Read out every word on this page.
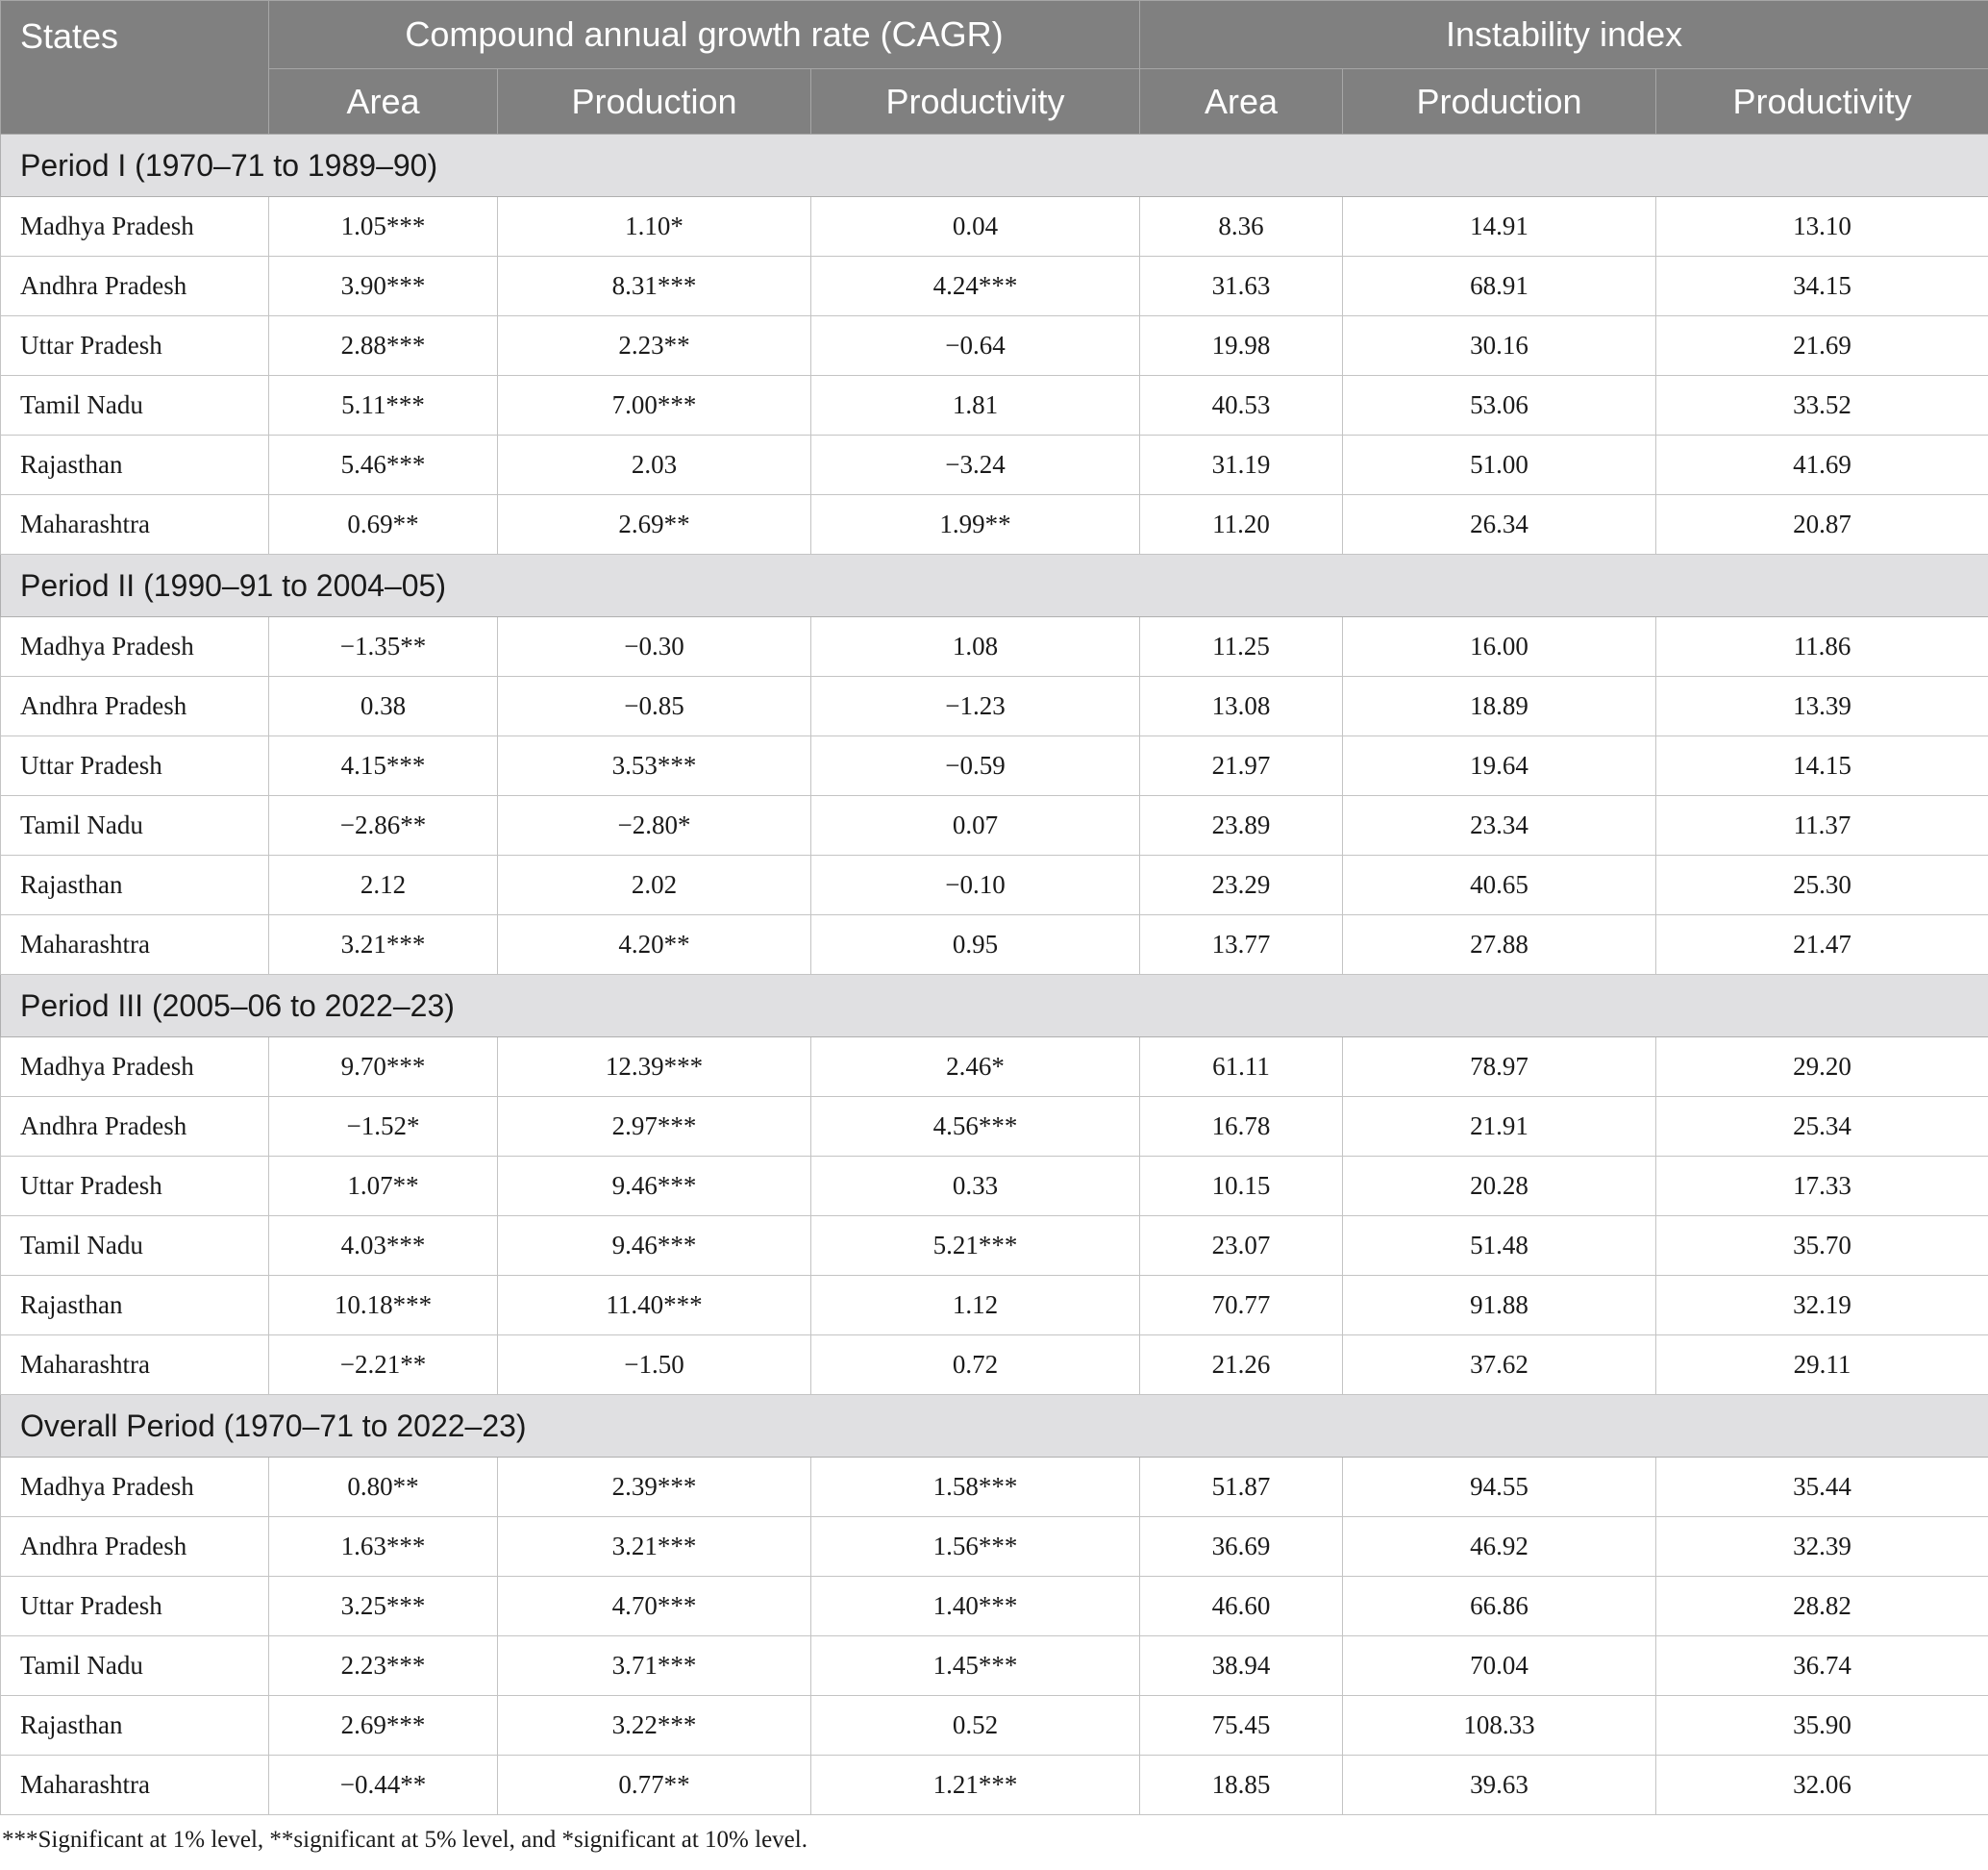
States	Compound annual growth rate (CAGR)			Instability index		
	Area	Production	Productivity	Area	Production	Productivity
Period I (1970–71 to 1989–90)						
Madhya Pradesh	1.05***	1.10*	0.04	8.36	14.91	13.10
Andhra Pradesh	3.90***	8.31***	4.24***	31.63	68.91	34.15
Uttar Pradesh	2.88***	2.23**	−0.64	19.98	30.16	21.69
Tamil Nadu	5.11***	7.00***	1.81	40.53	53.06	33.52
Rajasthan	5.46***	2.03	−3.24	31.19	51.00	41.69
Maharashtra	0.69**	2.69**	1.99**	11.20	26.34	20.87
Period II (1990–91 to 2004–05)						
Madhya Pradesh	−1.35**	−0.30	1.08	11.25	16.00	11.86
Andhra Pradesh	0.38	−0.85	−1.23	13.08	18.89	13.39
Uttar Pradesh	4.15***	3.53***	−0.59	21.97	19.64	14.15
Tamil Nadu	−2.86**	−2.80*	0.07	23.89	23.34	11.37
Rajasthan	2.12	2.02	−0.10	23.29	40.65	25.30
Maharashtra	3.21***	4.20**	0.95	13.77	27.88	21.47
Period III (2005–06 to 2022–23)						
Madhya Pradesh	9.70***	12.39***	2.46*	61.11	78.97	29.20
Andhra Pradesh	−1.52*	2.97***	4.56***	16.78	21.91	25.34
Uttar Pradesh	1.07**	9.46***	0.33	10.15	20.28	17.33
Tamil Nadu	4.03***	9.46***	5.21***	23.07	51.48	35.70
Rajasthan	10.18***	11.40***	1.12	70.77	91.88	32.19
Maharashtra	−2.21**	−1.50	0.72	21.26	37.62	29.11
Overall Period (1970–71 to 2022–23)						
Madhya Pradesh	0.80**	2.39***	1.58***	51.87	94.55	35.44
Andhra Pradesh	1.63***	3.21***	1.56***	36.69	46.92	32.39
Uttar Pradesh	3.25***	4.70***	1.40***	46.60	66.86	28.82
Tamil Nadu	2.23***	3.71***	1.45***	38.94	70.04	36.74
Rajasthan	2.69***	3.22***	0.52	75.45	108.33	35.90
Maharashtra	−0.44**	0.77**	1.21***	18.85	39.63	32.06
***Significant at 1% level, **significant at 5% level, and *significant at 10% level.
